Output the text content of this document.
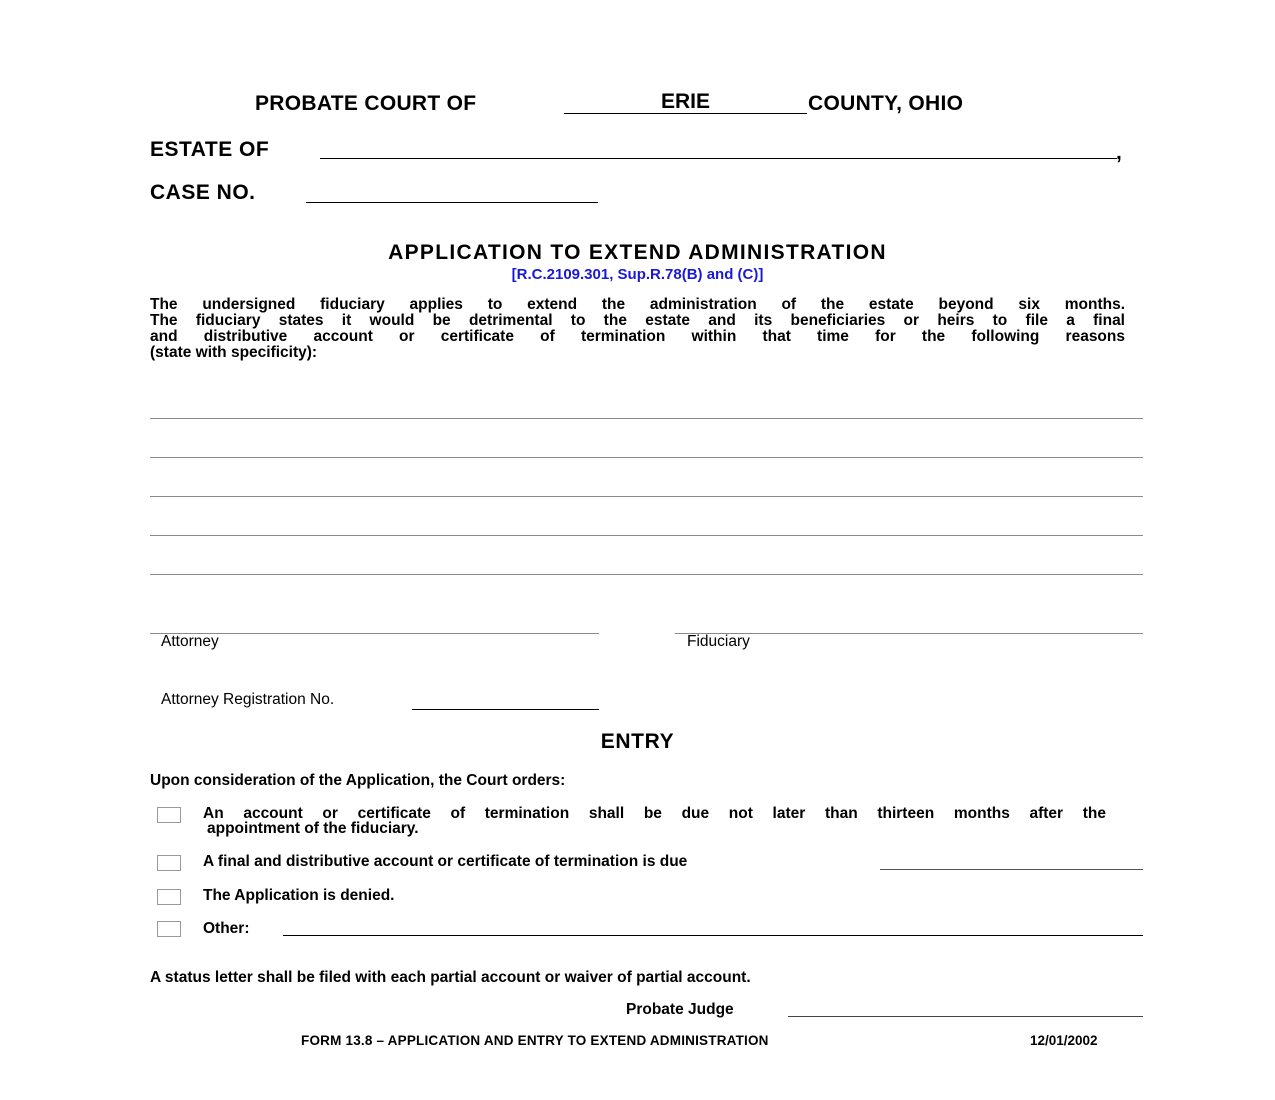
PROBATE COURT OF	ERIE	COUNTY, OHIO
ESTATE OF	,
CASE NO.
APPLICATION TO EXTEND ADMINISTRATION
[R.C.2109.301, Sup.R.78(B) and (C)]
The undersigned fiduciary applies to extend the administration of the estate beyond six months.
The fiduciary states it would be detrimental to the estate and its beneficiaries or heirs to file a final
and distributive account or certificate of termination within that time for the following reasons
(state with specificity):
Attorney	Fiduciary
Attorney Registration No.
ENTRY
Upon consideration of the Application, the Court orders:
An account or certificate of termination shall be due not later than thirteen months after the
appointment of the fiduciary.
A final and distributive account or certificate of termination is due
The Application is denied.
Other:
A status letter shall be filed with each partial account or waiver of partial account.
Probate Judge
FORM 13.8 – APPLICATION AND ENTRY TO EXTEND ADMINISTRATION	12/01/2002
